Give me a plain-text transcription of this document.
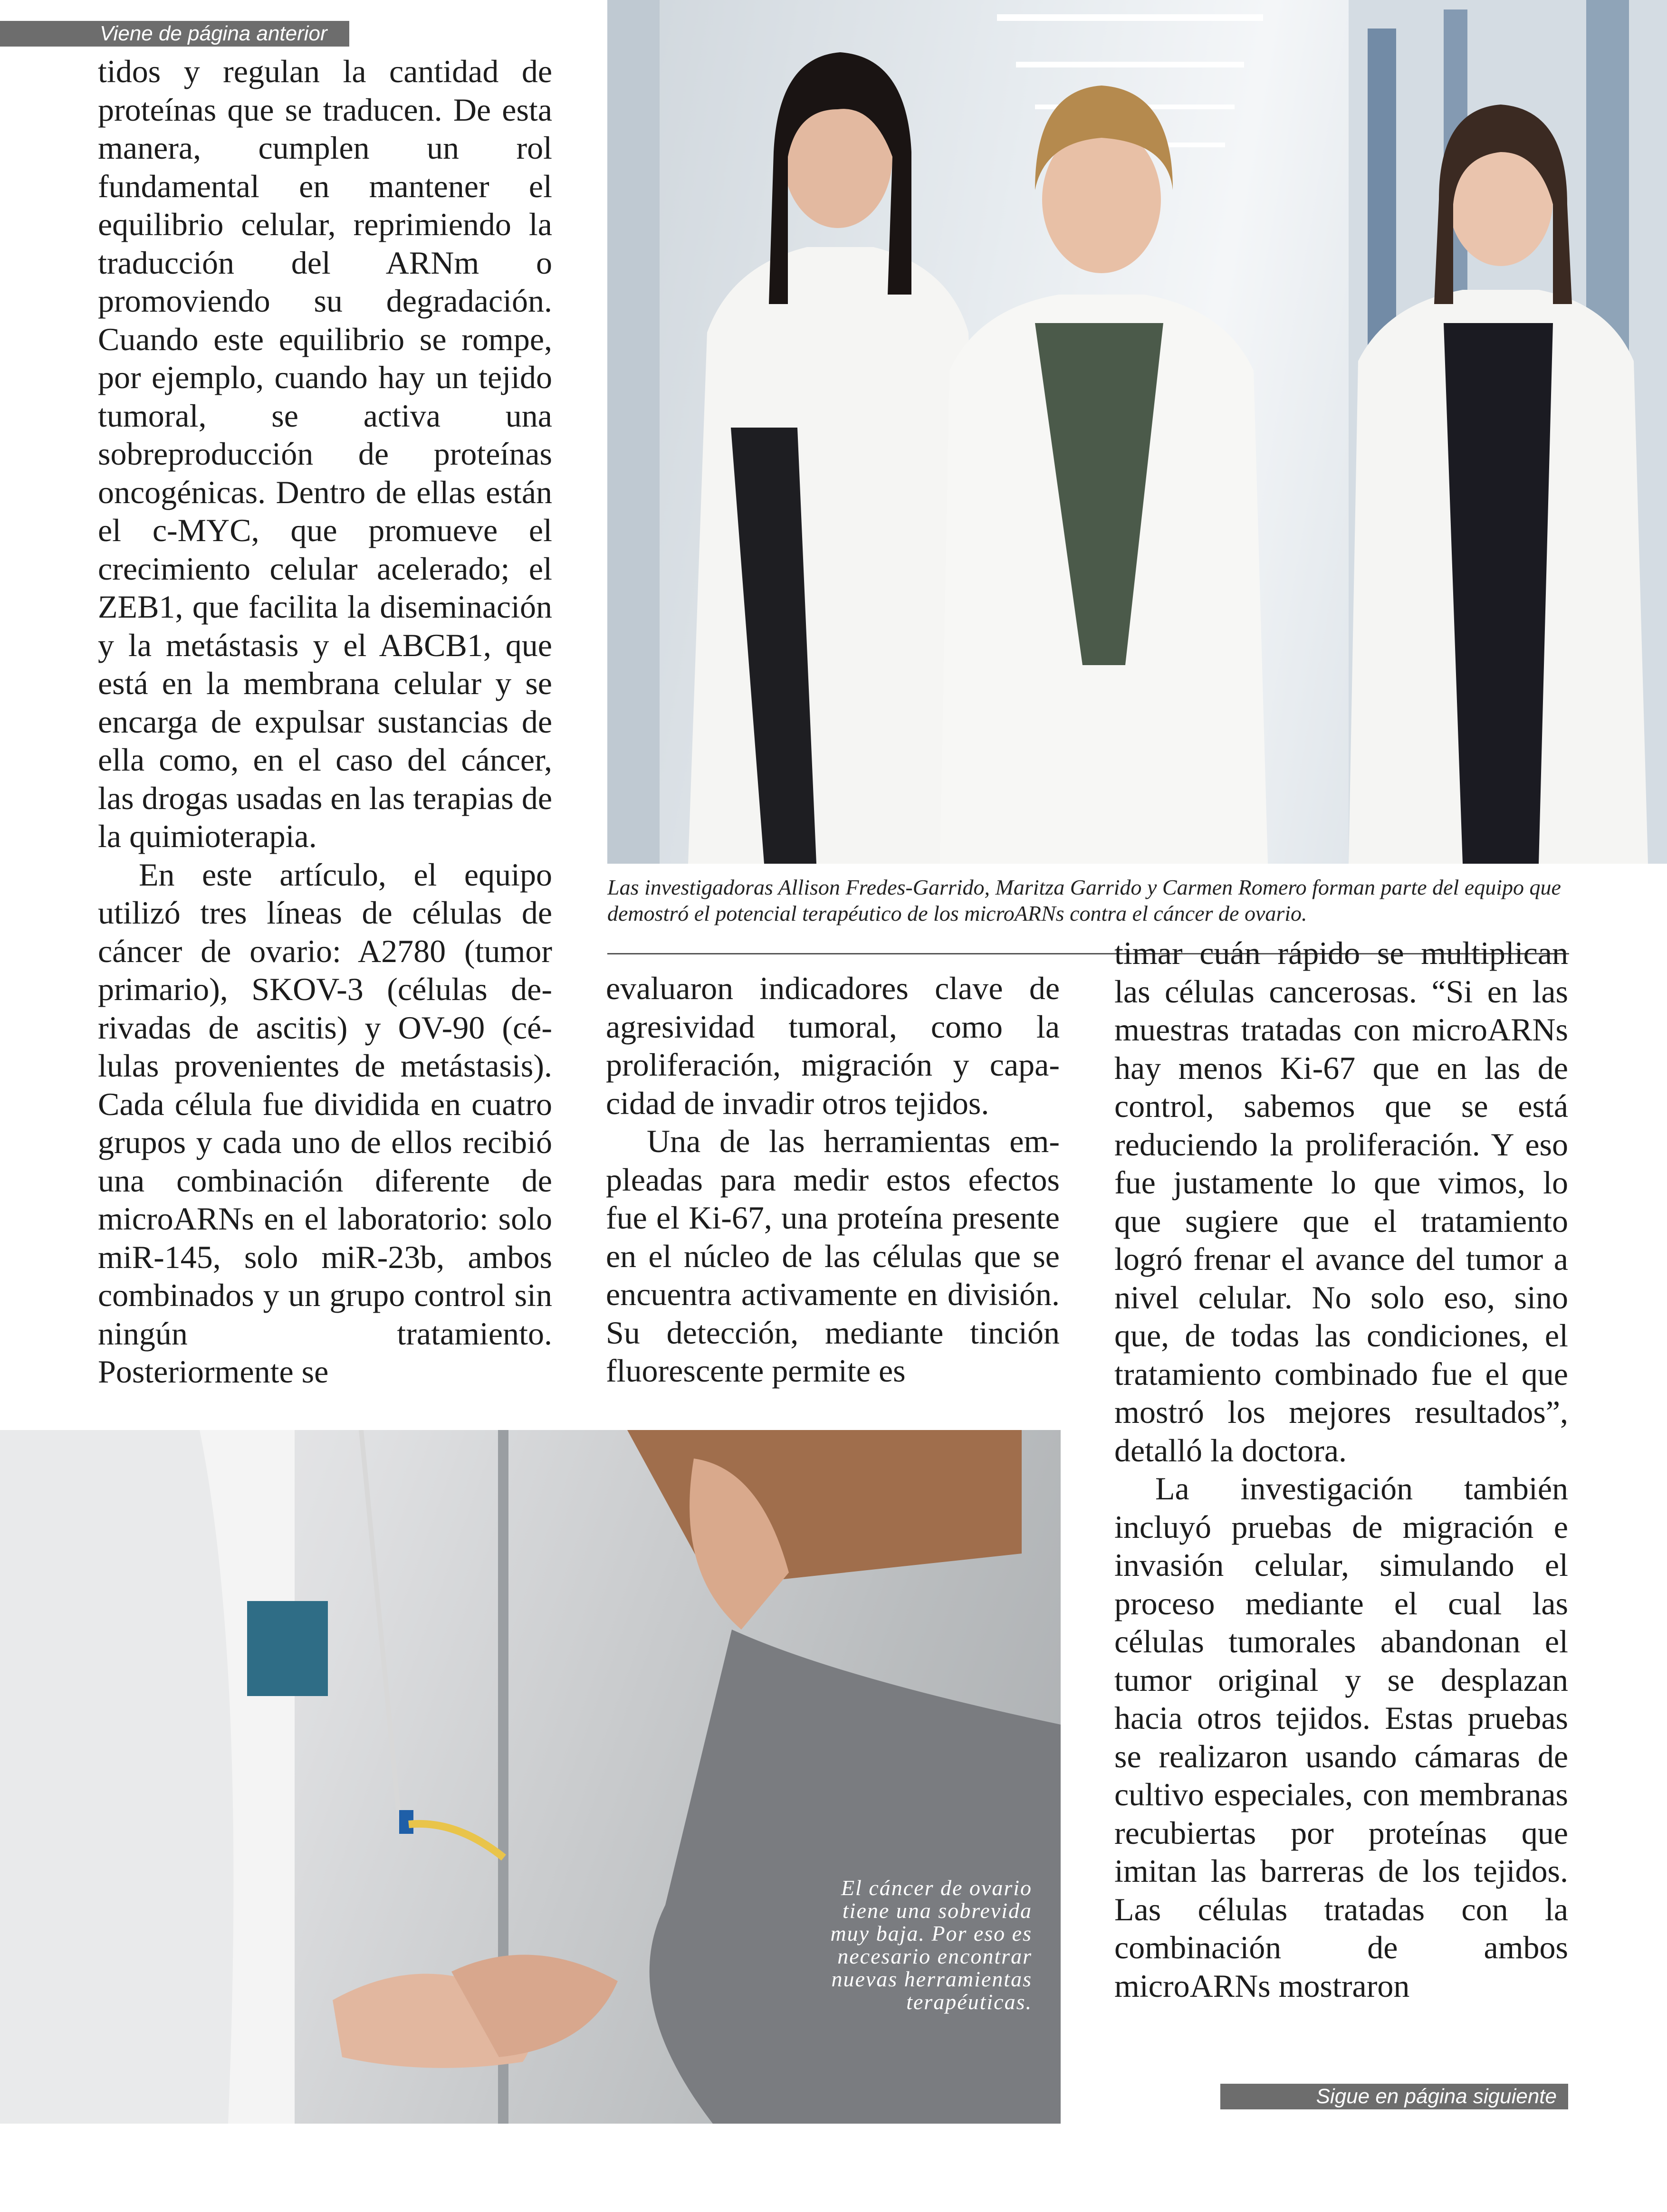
Viene de página anterior

tidos y regulan la cantidad de proteínas que se traducen. De esta manera, cumplen un rol fundamental en mantener el equilibrio celular, reprimiendo la traducción del ARNm o promoviendo su degradación. Cuando este equilibrio se rompe, por ejemplo, cuando hay un tejido tumoral, se activa una sobreproducción de proteínas oncogénicas. Dentro de ellas están el c-MYC, que promueve el crecimiento celular acelerado; el ZEB1, que facilita la diseminación y la metástasis y el ABCB1, que está en la membrana celular y se encarga de expulsar sustancias de ella como, en el caso del cáncer, las drogas usadas en las terapias de la quimioterapia.

En este artículo, el equipo utilizó tres líneas de células de cáncer de ovario: A2780 (tumor primario), SKOV-3 (células derivadas de ascitis) y OV-90 (células provenientes de metástasis). Cada célula fue dividida en cuatro grupos y cada uno de ellos recibió una combinación diferente de microARNs en el laboratorio: solo miR-145, solo miR-23b, ambos combinados y un grupo control sin ningún tratamiento. Posteriormente se

Las investigadoras Allison Fredes-Garrido, Maritza Garrido y Carmen Romero forman parte del equipo que demostró el potencial terapéutico de los microARNs contra el cáncer de ovario.

evaluaron indicadores clave de agresividad tumoral, como la proliferación, migración y capacidad de invadir otros tejidos.

Una de las herramientas empleadas para medir estos efectos fue el Ki-67, una proteína presente en el núcleo de las células que se encuentra activamente en división. Su detección, mediante tinción fluorescente permite es

timar cuán rápido se multiplican las células cancerosas. “Si en las muestras tratadas con microARNs hay menos Ki-67 que en las de control, sabemos que se está reduciendo la proliferación. Y eso fue justamente lo que vimos, lo que sugiere que el tratamiento logró frenar el avance del tumor a nivel celular. No solo eso, sino que, de todas las condiciones, el tratamiento combinado fue el que mostró los mejores resultados”, detalló la doctora.

La investigación también incluyó pruebas de migración e invasión celular, simulando el proceso mediante el cual las células tumorales abandonan el tumor original y se desplazan hacia otros tejidos. Estas pruebas se realizaron usando cámaras de cultivo especiales, con membranas recubiertas por proteínas que imitan las barreras de los tejidos. Las células tratadas con la combinación de ambos microARNs mostraron

El cáncer de ovario tiene una sobrevida muy baja. Por eso es necesario encontrar nuevas herramientas terapéuticas.
Sigue en página siguiente
